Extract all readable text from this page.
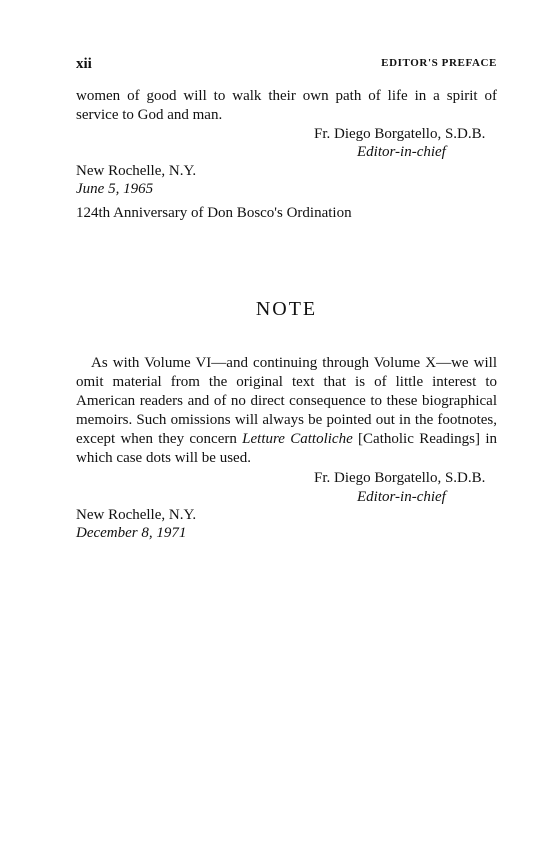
xii	EDITOR'S PREFACE

women of good will to walk their own path of life in a spirit of service to God and man.

Fr. Diego Borgatello, S.D.B.
Editor-in-chief
New Rochelle, N.Y.
June 5, 1965
124th Anniversary of Don Bosco's Ordination
NOTE

As with Volume VI—and continuing through Volume X—we will omit material from the original text that is of little interest to American readers and of no direct consequence to these biographical memoirs. Such omissions will always be pointed out in the footnotes, except when they concern Letture Cattoliche [Catholic Readings] in which case dots will be used.

Fr. Diego Borgatello, S.D.B.
Editor-in-chief
New Rochelle, N.Y.
December 8, 1971
